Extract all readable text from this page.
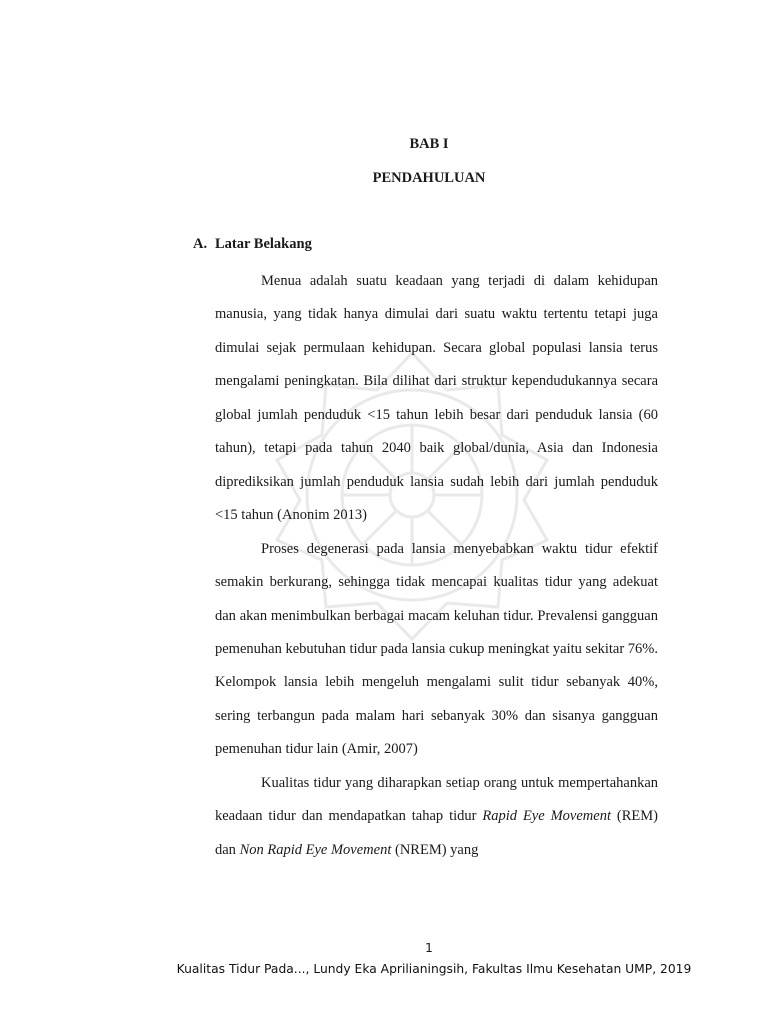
BAB I
PENDAHULUAN
A. Latar Belakang

Menua adalah suatu keadaan yang terjadi di dalam kehidupan manusia, yang tidak hanya dimulai dari suatu waktu tertentu tetapi juga dimulai sejak permulaan kehidupan. Secara global populasi lansia terus mengalami peningkatan. Bila dilihat dari struktur kependudukannya secara global jumlah penduduk <15 tahun lebih besar dari penduduk lansia (60 tahun), tetapi pada tahun 2040 baik global/dunia, Asia dan Indonesia diprediksikan jumlah penduduk lansia sudah lebih dari jumlah penduduk <15 tahun (Anonim 2013)

Proses degenerasi pada lansia menyebabkan waktu tidur efektif semakin berkurang, sehingga tidak mencapai kualitas tidur yang adekuat dan akan menimbulkan berbagai macam keluhan tidur. Prevalensi gangguan pemenuhan kebutuhan tidur pada lansia cukup meningkat yaitu sekitar 76%. Kelompok lansia lebih mengeluh mengalami sulit tidur sebanyak 40%, sering terbangun pada malam hari sebanyak 30% dan sisanya gangguan pemenuhan tidur lain (Amir, 2007)

Kualitas tidur yang diharapkan setiap orang untuk mempertahankan keadaan tidur dan mendapatkan tahap tidur Rapid Eye Movement (REM) dan Non Rapid Eye Movement (NREM) yang

1
Kualitas Tidur Pada..., Lundy Eka Aprilianingsih, Fakultas Ilmu Kesehatan UMP, 2019
